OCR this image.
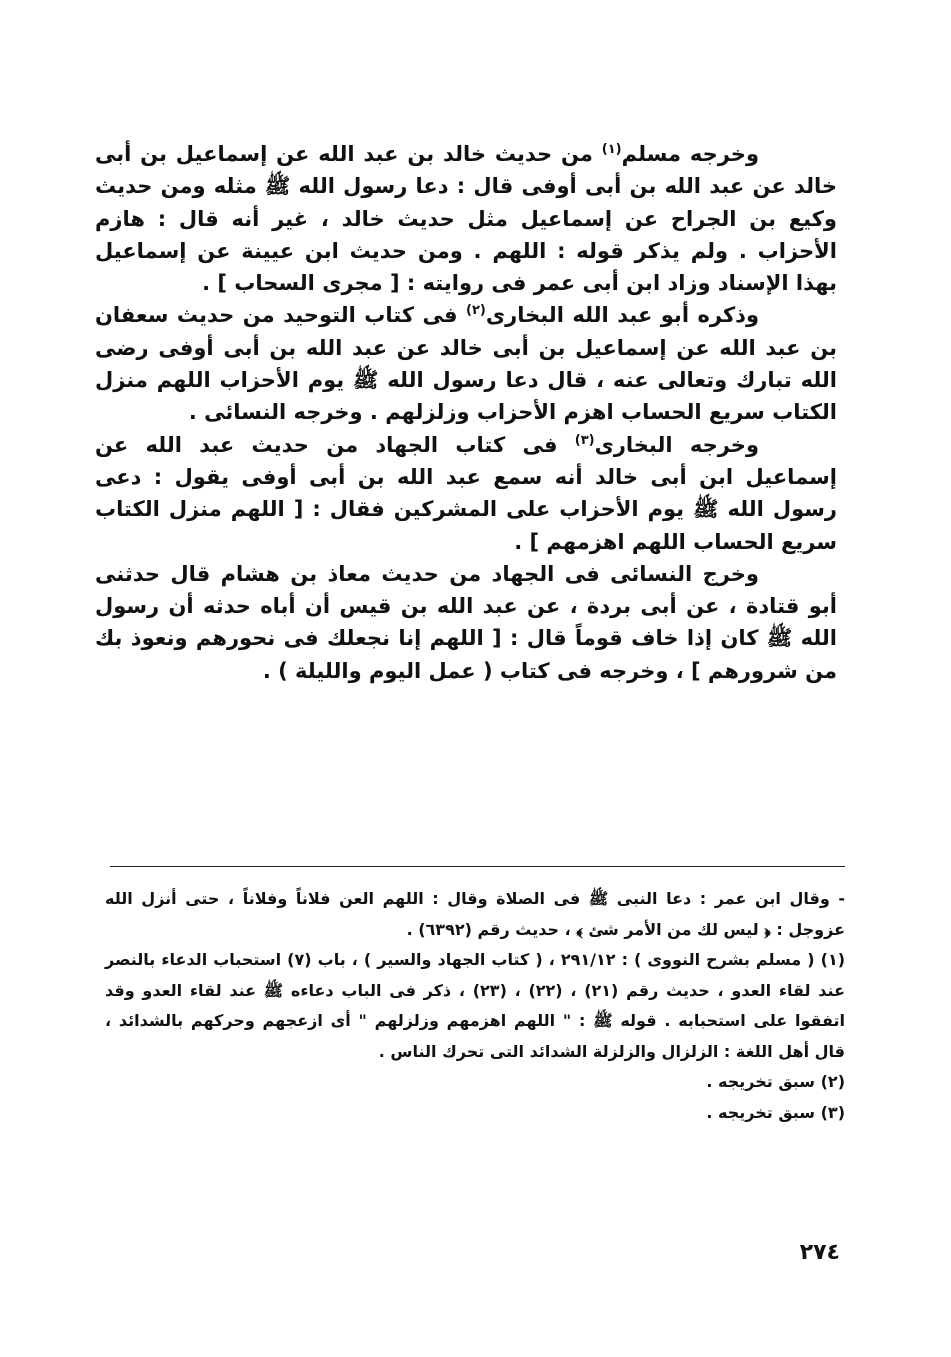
وخرجه مسلم$^{(١)}$ من حديث خالد بن عبد الله عن إسماعيل بن أبى خالد عن عبد الله بن أبى أوفى قال : دعا رسول الله ﷺ مثله ومن حديث وكيع بن الجراح عن إسماعيل مثل حديث خالد ، غير أنه قال : هازم الأحزاب . ولم يذكر قوله : اللهم . ومن حديث ابن عيينة عن إسماعيل بهذا الإسناد وزاد ابن أبى عمر فى روايته : [ مجرى السحاب ] .

وذكره أبو عبد الله البخارى$^{(٢)}$ فى كتاب التوحيد من حديث سعفان بن عبد الله عن إسماعيل بن أبى خالد عن عبد الله بن أبى أوفى رضى الله تبارك وتعالى عنه ، قال دعا رسول الله ﷺ يوم الأحزاب اللهم منزل الكتاب سريع الحساب اهزم الأحزاب وزلزلهم . وخرجه النسائى .

وخرجه البخارى$^{(٣)}$ فى كتاب الجهاد من حديث عبد الله عن إسماعيل ابن أبى خالد أنه سمع عبد الله بن أبى أوفى يقول : دعى رسول الله ﷺ يوم الأحزاب على المشركين فقال : [ اللهم منزل الكتاب سريع الحساب اللهم اهزمهم ] .

وخرج النسائى فى الجهاد من حديث معاذ بن هشام قال حدثنى أبو قتادة ، عن أبى بردة ، عن عبد الله بن قيس أن أباه حدثه أن رسول الله ﷺ كان إذا خاف قوماً قال : [ اللهم إنا نجعلك فى نحورهم ونعوذ بك من شرورهم ] ، وخرجه فى كتاب ( عمل اليوم والليلة ) .

- وقال ابن عمر : دعا النبى ﷺ فى الصلاة وقال : اللهم العن فلاناً وفلاناً ، حتى أنزل الله عزوجل : ﴿ ليس لك من الأمر شئ ﴾ ، حديث رقم (٦٣٩٢) .

(١) ( مسلم بشرح النووى ) : ٢٩١/١٢ ، ( كتاب الجهاد والسير ) ، باب (٧) استحباب الدعاء بالنصر عند لقاء العدو ، حديث رقم (٢١) ، (٢٢) ، (٢٣) ، ذكر فى الباب دعاءه ﷺ عند لقاء العدو وقد اتفقوا على استحبابه . قوله ﷺ : " اللهم اهزمهم وزلزلهم " أى ازعجهم وحركهم بالشدائد ، قال أهل اللغة : الزلزال والزلزلة الشدائد التى تحرك الناس .

(٢) سبق تخريجه .

(٣) سبق تخريجه .

٢٧٤
